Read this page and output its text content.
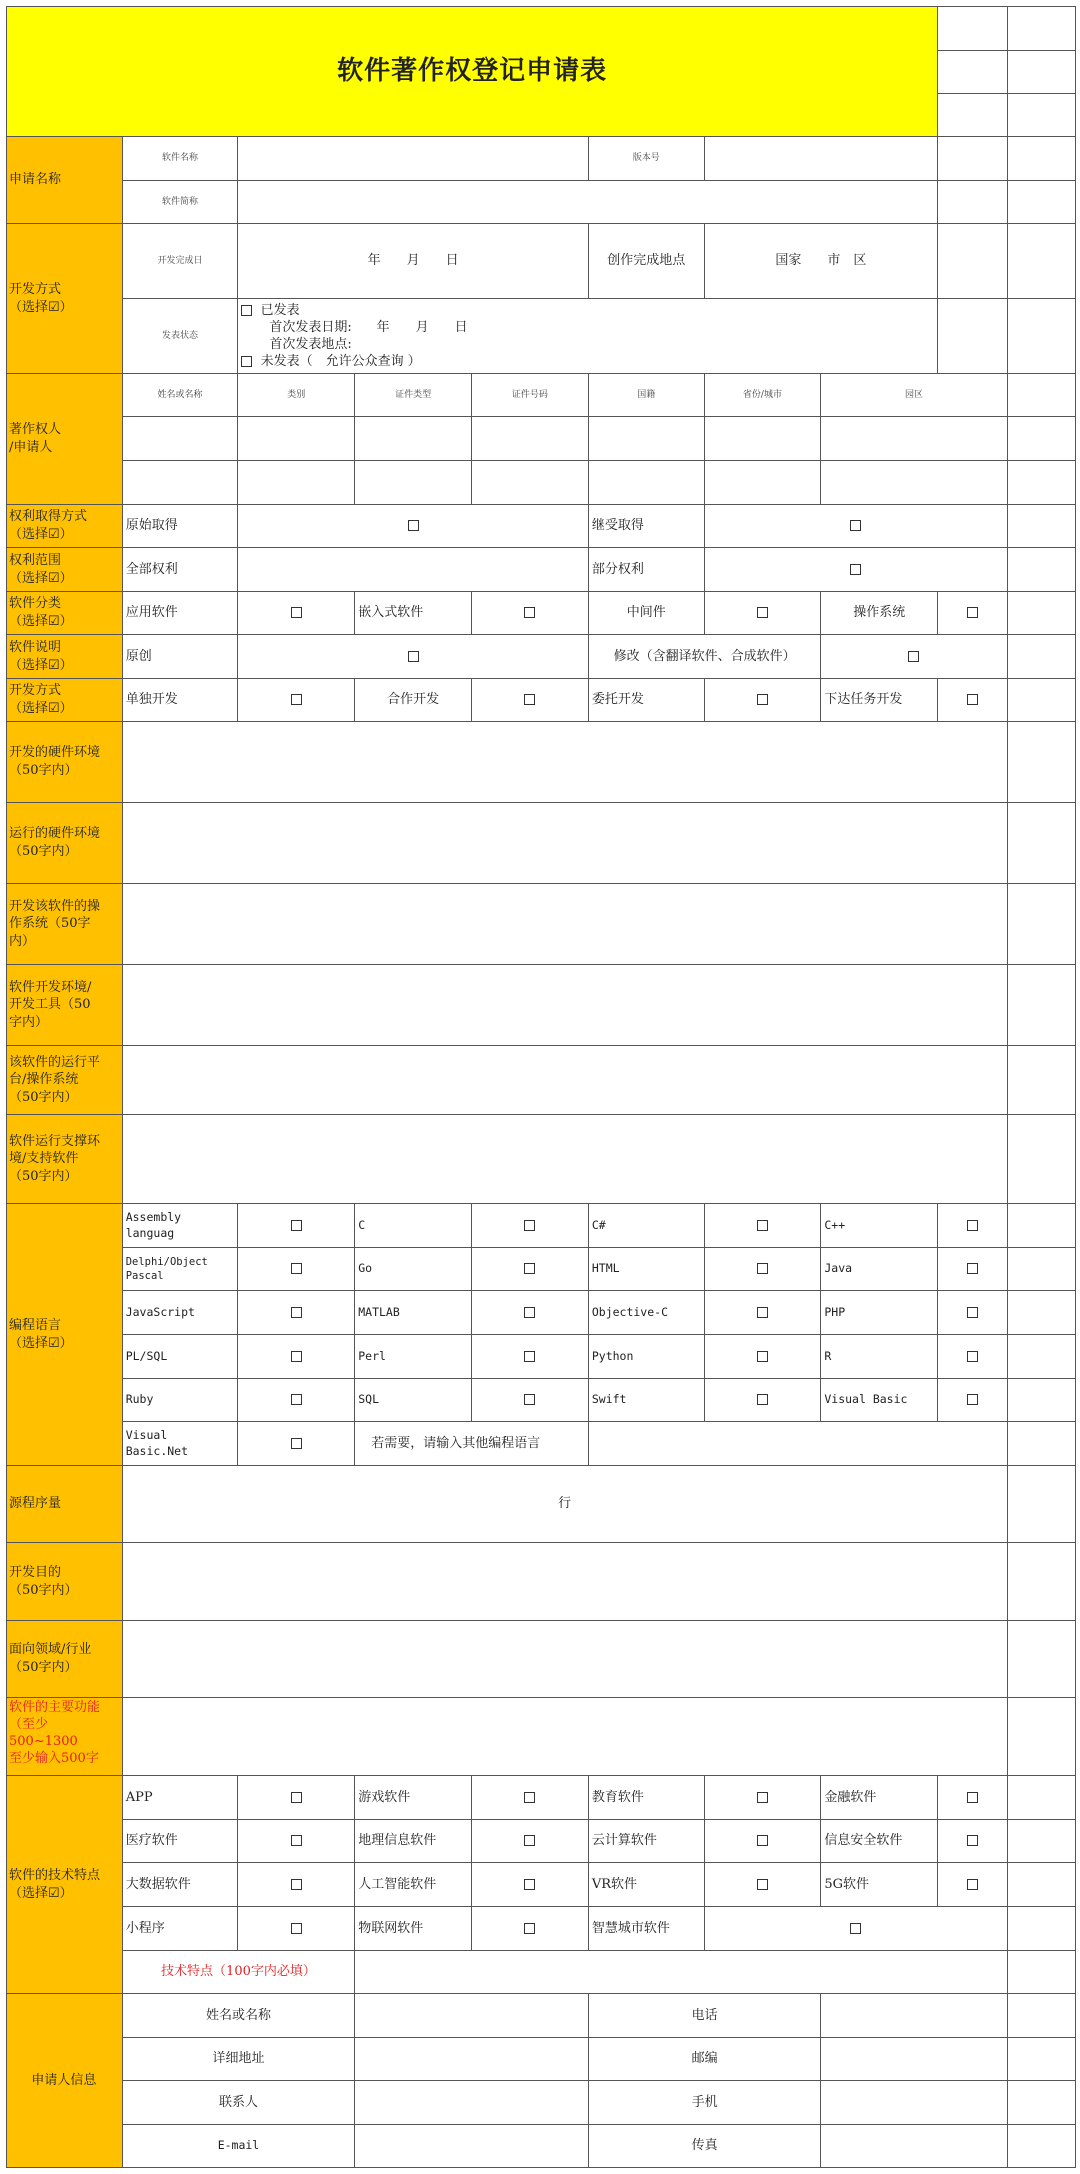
软件著作权登记申请表									

申请名称	软件名称				版本号				
	软件简称								

开发方式
（选择☑）	开发完成日	年　　月　　日			创作完成地点	国家　　市　区			
	发表状态	已发表
首次发表日期: 年　　月　　日
首次发表地点:
未发表（　允许公众查询 ）							

著作权人
/申请人	姓名或名称	类别	证件类型	证件号码	国籍	省份/城市	园区		

权利取得方式
（选择☑）	原始取得				继受取得				

权利范围
（选择☑）	全部权利				部分权利				

软件分类
（选择☑）	应用软件		嵌入式软件		中间件		操作系统		

软件说明
（选择☑）	原创				修改（含翻译软件、合成软件）				

开发方式
（选择☑）	单独开发		合作开发		委托开发		下达任务开发		

开发的硬件环境
（50字内）									

运行的硬件环境
（50字内）									

开发该软件的操
作系统（50字
内）									

软件开发环境/
开发工具（50
字内）									

该软件的运行平
台/操作系统
（50字内）									

软件运行支撑环
境/支持软件
（50字内）									

编程语言
（选择☑）	Assembly languag		C		C#		C++		
	Delphi/Object Pascal		Go		HTML		Java		
	JavaScript		MATLAB		Objective-C		PHP		
	PL/SQL		Perl		Python		R		
	Ruby		SQL		Swift		Visual Basic		
	Visual Basic.Net		若需要，请输入其他编程语言						
源程序量	行								

开发目的
（50字内）									

面向领域/行业
（50字内）									

软件的主要功能
（至少
500~1300
至少输入500字									

软件的技术特点
（选择☑）	APP		游戏软件		教育软件		金融软件		
	医疗软件		地理信息软件		云计算软件		信息安全软件		
	大数据软件		人工智能软件		VR软件		5G软件		
	小程序		物联网软件		智慧城市软件				
	技术特点（100字内必填）								
申请人信息	姓名或名称				电话				
	详细地址				邮编				
	联系人				手机				
	E-mail				传真				
